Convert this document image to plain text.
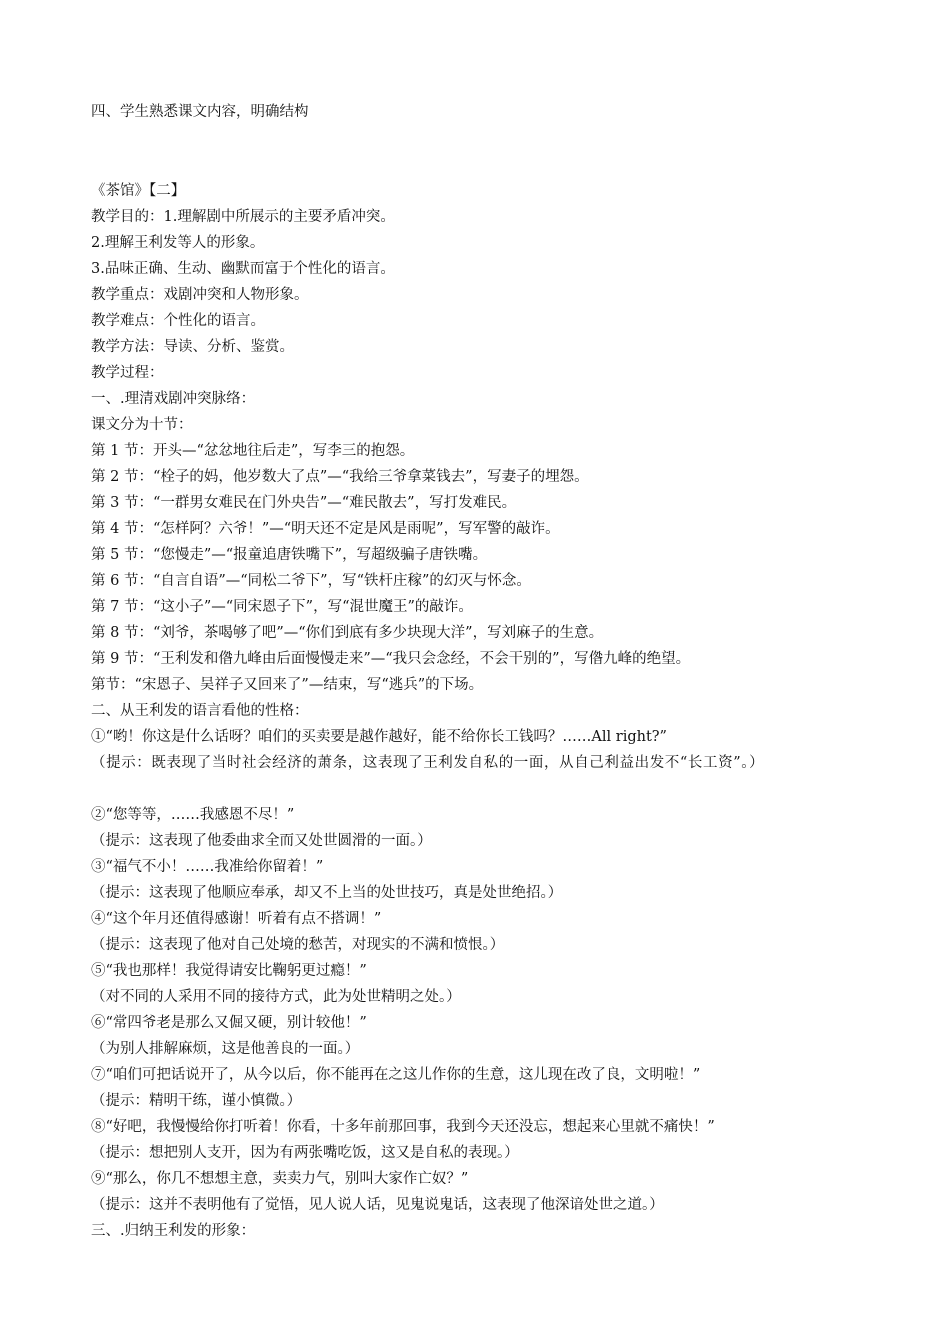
四、学生熟悉课文内容，明确结构
《茶馆》【二】
教学目的：1.理解剧中所展示的主要矛盾冲突。
2.理解王利发等人的形象。
3.品味正确、生动、幽默而富于个性化的语言。
教学重点：戏剧冲突和人物形象。
教学难点：个性化的语言。
教学方法：导读、分析、鉴赏。
教学过程：
一、.理清戏剧冲突脉络：
课文分为十节：
第 1 节：开头—“忿忿地往后走”，写李三的抱怨。
第 2 节：“栓子的妈，他岁数大了点”—“我给三爷拿菜钱去”，写妻子的埋怨。
第 3 节：“一群男女难民在门外央告”—“难民散去”，写打发难民。
第 4 节：“怎样阿？六爷！”—“明天还不定是风是雨呢”，写军警的敲诈。
第 5 节：“您慢走”—“报童追唐铁嘴下”，写超级骗子唐铁嘴。
第 6 节：“自言自语”—“同松二爷下”，写“铁杆庄稼”的幻灭与怀念。
第 7 节：“这小子”—“同宋恩子下”，写“混世魔王”的敲诈。
第 8 节：“刘爷，茶喝够了吧”—“你们到底有多少块现大洋”，写刘麻子的生意。
第 9 节：“王利发和偺九峰由后面慢慢走来”—“我只会念经，不会干别的”，写偺九峰的绝望。
第节：“宋恩子、吴祥子又回来了”—结束，写“逃兵”的下场。
二、从王利发的语言看他的性格：
①“哟！你这是什么话呀？咱们的买卖要是越作越好，能不给你长工钱吗？……All right?”
（提示：既表现了当时社会经济的萧条，这表现了王利发自私的一面，从自己利益出发不“长工资”。）
②“您等等，……我感恩不尽！”
（提示：这表现了他委曲求全而又处世圆滑的一面。）
③“福气不小！……我准给你留着！”
（提示：这表现了他顺应奉承，却又不上当的处世技巧，真是处世绝招。）
④“这个年月还值得感谢！听着有点不搭调！”
（提示：这表现了他对自己处境的愁苦，对现实的不满和愤恨。）
⑤“我也那样！我觉得请安比鞠躬更过瘾！”
（对不同的人采用不同的接待方式，此为处世精明之处。）
⑥“常四爷老是那么又倔又硬，别计较他！”
（为别人排解麻烦，这是他善良的一面。）
⑦“咱们可把话说开了，从今以后，你不能再在之这儿作你的生意，这儿现在改了良，文明啦！”
（提示：精明干练，谨小慎微。）
⑧“好吧，我慢慢给你打听着！你看，十多年前那回事，我到今天还没忘，想起来心里就不痛快！”
（提示：想把别人支开，因为有两张嘴吃饭，这又是自私的表现。）
⑨“那么，你几不想想主意，卖卖力气，别叫大家作亡奴？”
（提示：这并不表明他有了觉悟，见人说人话，见鬼说鬼话，这表现了他深谙处世之道。）
三、.归纳王利发的形象：
